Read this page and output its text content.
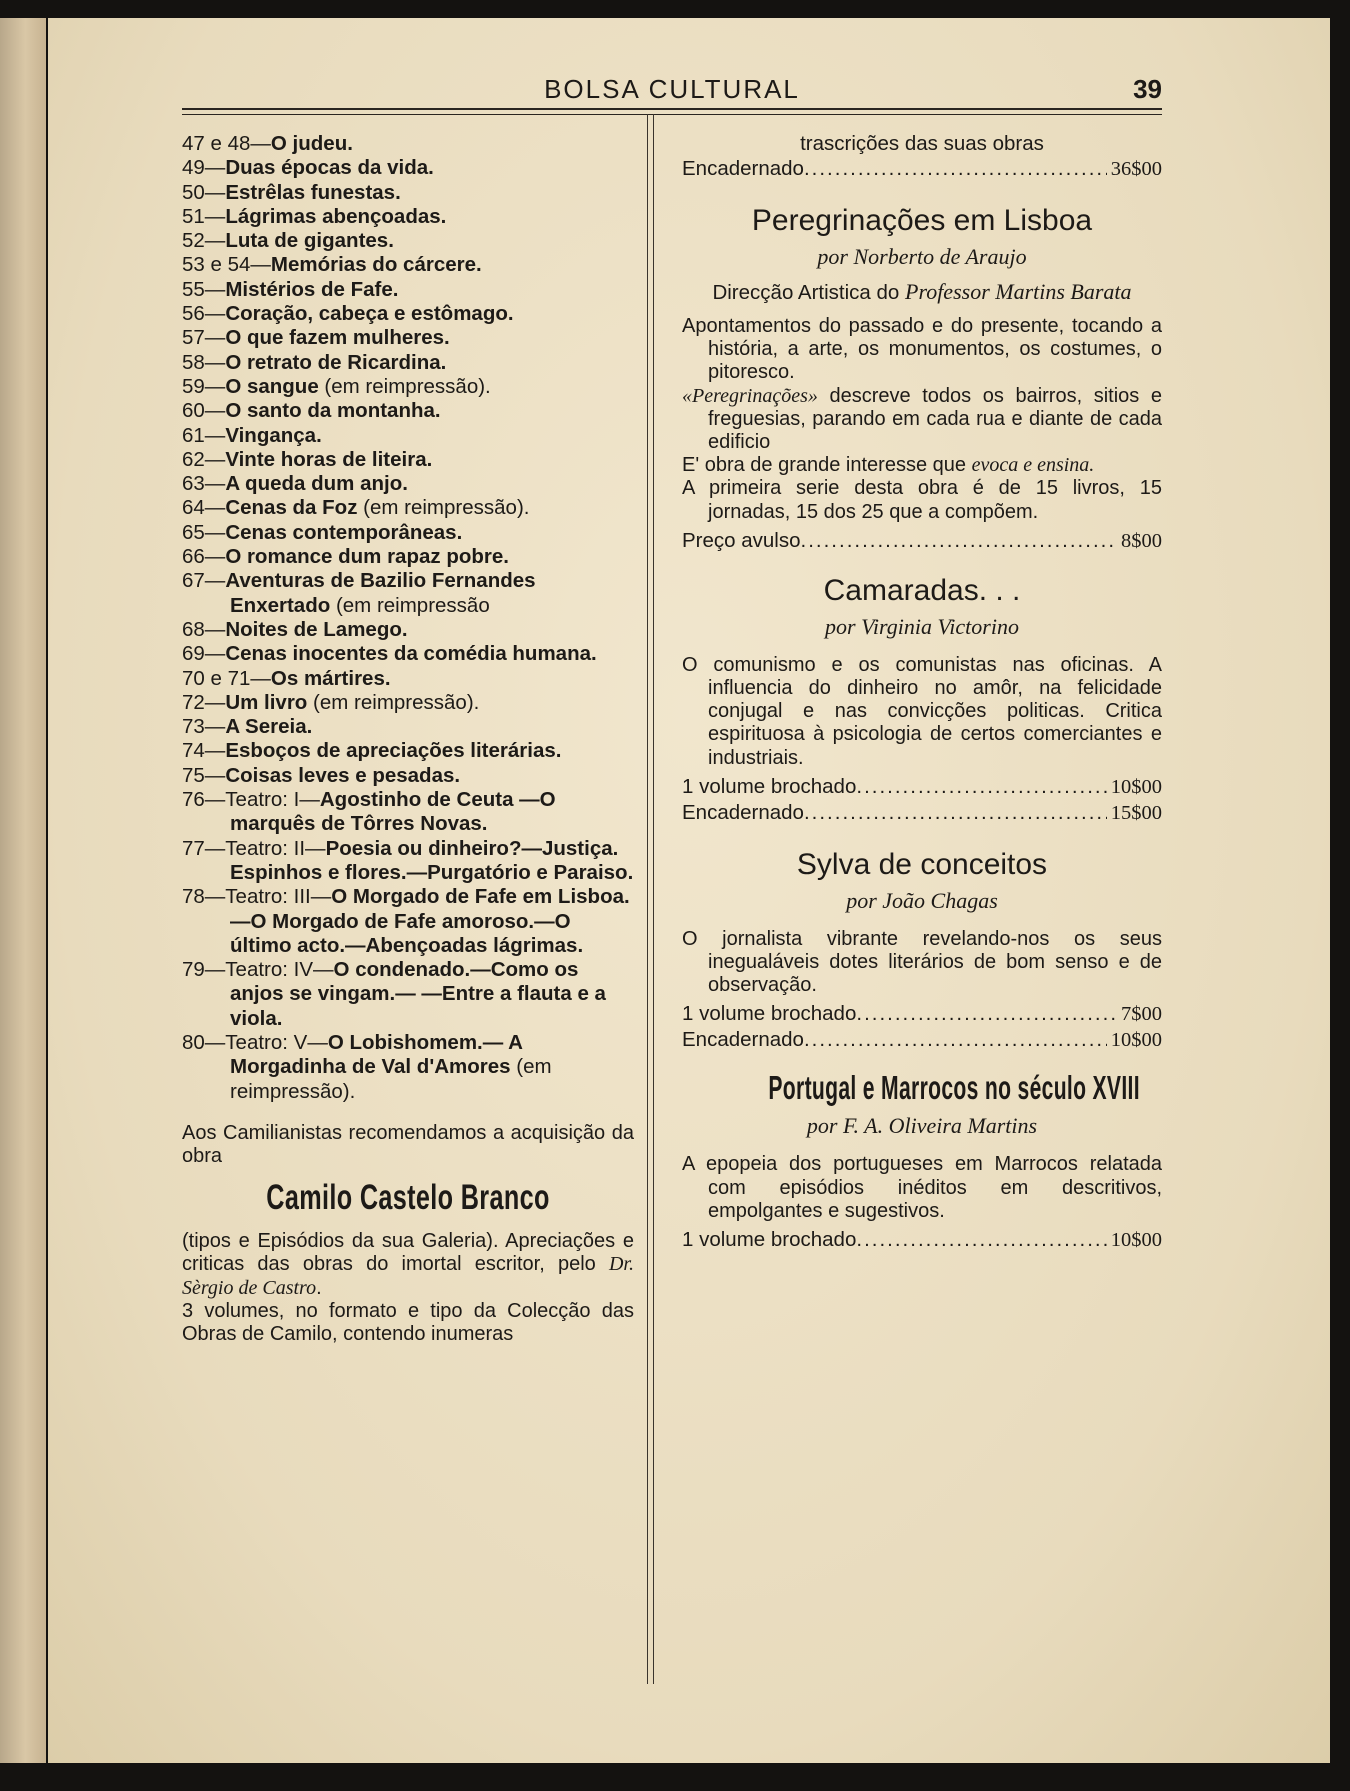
BOLSA CULTURAL	39
47 e 48—O judeu.
49—Duas épocas da vida.
50—Estrêlas funestas.
51—Lágrimas abençoadas.
52—Luta de gigantes.
53 e 54—Memórias do cárcere.
55—Mistérios de Fafe.
56—Coração, cabeça e estômago.
57—O que fazem mulheres.
58—O retrato de Ricardina.
59—O sangue (em reimpressão).
60—O santo da montanha.
61—Vingança.
62—Vinte horas de liteira.
63—A queda dum anjo.
64—Cenas da Foz (em reimpressão).
65—Cenas contemporâneas.
66—O romance dum rapaz pobre.
67—Aventuras de Bazilio Fernandes Enxertado (em reimpressão
68—Noites de Lamego.
69—Cenas inocentes da comédia humana.
70 e 71—Os mártires.
72—Um livro (em reimpressão).
73—A Sereia.
74—Esboços de apreciações literárias.
75—Coisas leves e pesadas.
76—Teatro: I—Agostinho de Ceuta —O marquês de Tôrres Novas.
77—Teatro: II—Poesia ou dinheiro?—Justiça. Espinhos e flores.—Purgatório e Paraiso.
78—Teatro: III—O Morgado de Fafe em Lisboa.—O Morgado de Fafe amoroso.—O último acto.—Abençoadas lágrimas.
79—Teatro: IV—O condenado.—Como os anjos se vingam.— —Entre a flauta e a viola.
80—Teatro: V—O Lobishomem.— A Morgadinha de Val d'Amores (em reimpressão).
Aos Camilianistas recomendamos a acquisição da obra
Camilo Castelo Branco
(tipos e Episódios da sua Galeria). Apreciações e criticas das obras do imortal escritor, pelo Dr. Sèrgio de Castro.
3 volumes, no formato e tipo da Colecção das Obras de Camilo, contendo inumeras
trascrições das suas obras
Encadernado .....	36$00
Peregrinações em Lisboa
por Norberto de Araujo
Direcção Artistica do Professor Martins Barata
Apontamentos do passado e do presente, tocando a história, a arte, os monumentos, os costumes, o pitoresco.
«Peregrinações» descreve todos os bairros, sitios e freguesias, parando em cada rua e diante de cada edificio
E' obra de grande interesse que evoca e ensina.
A primeira serie desta obra é de 15 livros, 15 jornadas, 15 dos 25 que a compõem.
Preço avulso .....	8$00
Camaradas. . .
por Virginia Victorino
O comunismo e os comunistas nas oficinas. A influencia do dinheiro no amôr, na felicidade conjugal e nas convicções politicas. Critica espirituosa à psicologia de certos comerciantes e industriais.
1 volume brochado .....	10$00
Encadernado .....	15$00
Sylva de conceitos
por João Chagas
O jornalista vibrante revelando-nos os seus inegualáveis dotes literários de bom senso e de observação.
1 volume brochado .....	7$00
Encadernado .....	10$00
Portugal e Marrocos no século XVIII
por F. A. Oliveira Martins
A epopeia dos portugueses em Marrocos relatada com episódios inéditos em descritivos, empolgantes e sugestivos.
1 volume brochado .....	10$00
